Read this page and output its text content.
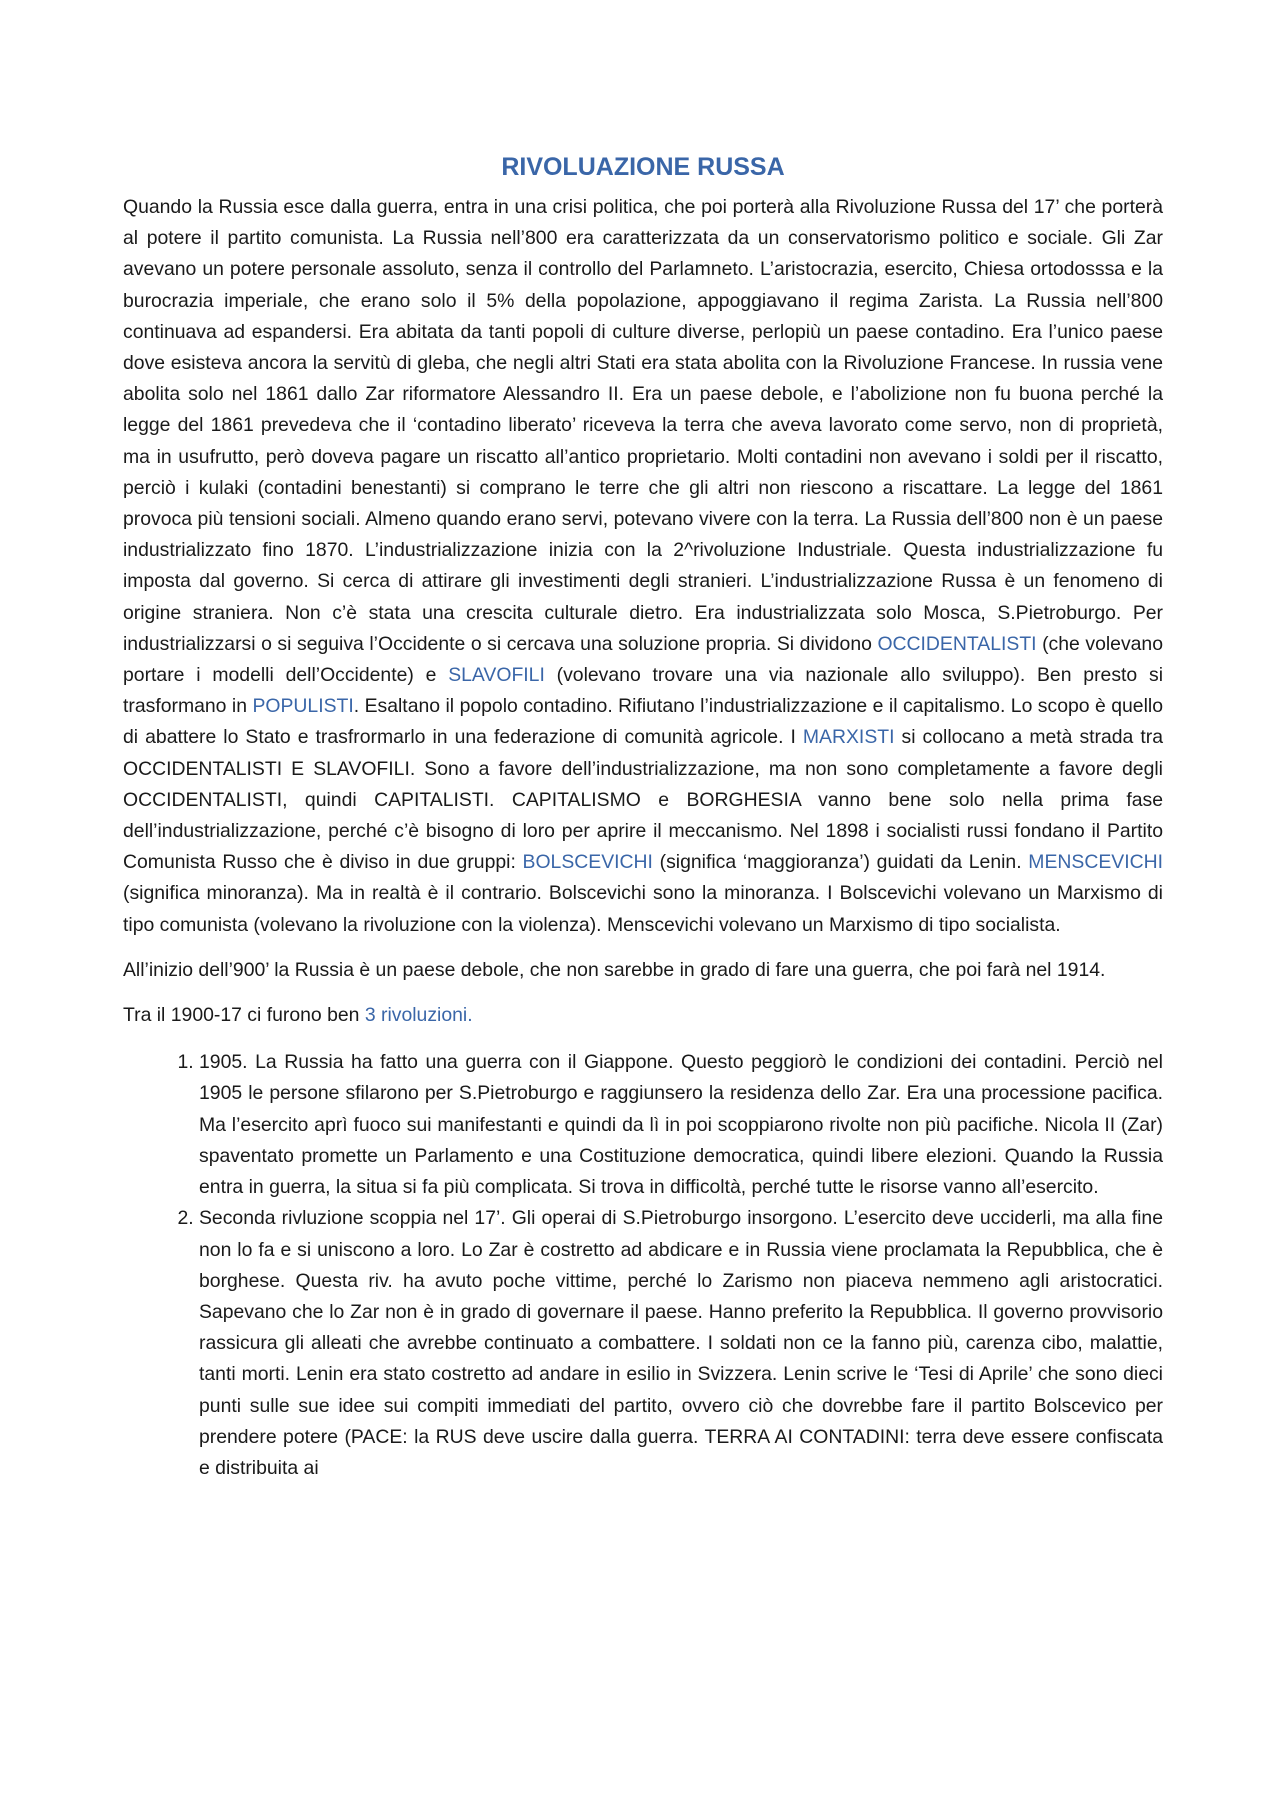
RIVOLUAZIONE RUSSA

Quando la Russia esce dalla guerra, entra in una crisi politica, che poi porterà alla Rivoluzione Russa del 17’ che porterà al potere il partito comunista. La Russia nell’800 era caratterizzata da un conservatorismo politico e sociale. Gli Zar avevano un potere personale assoluto, senza il controllo del Parlamneto. L’aristocrazia, esercito, Chiesa ortodosssa e la burocrazia imperiale, che erano solo il 5% della popolazione, appoggiavano il regima Zarista. La Russia nell’800 continuava ad espandersi. Era abitata da tanti popoli di culture diverse, perlopiù un paese contadino. Era l’unico paese dove esisteva ancora la servitù di gleba, che negli altri Stati era stata abolita con la Rivoluzione Francese. In russia vene abolita solo nel 1861 dallo Zar riformatore Alessandro II. Era un paese debole, e l’abolizione non fu buona perché la legge del 1861 prevedeva che il ‘contadino liberato’ riceveva la terra che aveva lavorato come servo, non di proprietà, ma in usufrutto, però doveva pagare un riscatto all’antico proprietario. Molti contadini non avevano i soldi per il riscatto, perciò i kulaki (contadini benestanti) si comprano le terre che gli altri non riescono a riscattare. La legge del 1861 provoca più tensioni sociali. Almeno quando erano servi, potevano vivere con la terra. La Russia dell’800 non è un paese industrializzato fino 1870. L’industrializzazione inizia con la 2^rivoluzione Industriale. Questa industrializzazione fu imposta dal governo. Si cerca di attirare gli investimenti degli stranieri. L’industrializzazione Russa è un fenomeno di origine straniera. Non c’è stata una crescita culturale dietro. Era industrializzata solo Mosca, S.Pietroburgo. Per industrializzarsi o si seguiva l’Occidente o si cercava una soluzione propria. Si dividono OCCIDENTALISTI (che volevano portare i modelli dell’Occidente) e SLAVOFILI (volevano trovare una via nazionale allo sviluppo). Ben presto si trasformano in POPULISTI. Esaltano il popolo contadino. Rifiutano l’industrializzazione e il capitalismo. Lo scopo è quello di abattere lo Stato e trasfrormarlo in una federazione di comunità agricole. I MARXISTI si collocano a metà strada tra OCCIDENTALISTI E SLAVOFILI. Sono a favore dell’industrializzazione, ma non sono completamente a favore degli OCCIDENTALISTI, quindi CAPITALISTI. CAPITALISMO e BORGHESIA vanno bene solo nella prima fase dell’industrializzazione, perché c’è bisogno di loro per aprire il meccanismo. Nel 1898 i socialisti russi fondano il Partito Comunista Russo che è diviso in due gruppi: BOLSCEVICHI (significa ‘maggioranza’) guidati da Lenin. MENSCEVICHI (significa minoranza). Ma in realtà è il contrario. Bolscevichi sono la minoranza. I Bolscevichi volevano un Marxismo di tipo comunista (volevano la rivoluzione con la violenza). Menscevichi volevano un Marxismo di tipo socialista.

All’inizio dell’900’ la Russia è un paese debole, che non sarebbe in grado di fare una guerra, che poi farà nel 1914.

Tra il 1900-17 ci furono ben 3 rivoluzioni.

1. 1905. La Russia ha fatto una guerra con il Giappone. Questo peggiorò le condizioni dei contadini. Perciò nel 1905 le persone sfilarono per S.Pietroburgo e raggiunsero la residenza dello Zar. Era una processione pacifica. Ma l’esercito aprì fuoco sui manifestanti e quindi da lì in poi scoppiarono rivolte non più pacifiche. Nicola II (Zar) spaventato promette un Parlamento e una Costituzione democratica, quindi libere elezioni. Quando la Russia entra in guerra, la situa si fa più complicata. Si trova in difficoltà, perché tutte le risorse vanno all’esercito.
2. Seconda rivluzione scoppia nel 17’. Gli operai di S.Pietroburgo insorgono. L’esercito deve ucciderli, ma alla fine non lo fa e si uniscono a loro. Lo Zar è costretto ad abdicare e in Russia viene proclamata la Repubblica, che è borghese. Questa riv. ha avuto poche vittime, perché lo Zarismo non piaceva nemmeno agli aristocratici. Sapevano che lo Zar non è in grado di governare il paese. Hanno preferito la Repubblica. Il governo provvisorio rassicura gli alleati che avrebbe continuato a combattere. I soldati non ce la fanno più, carenza cibo, malattie, tanti morti. Lenin era stato costretto ad andare in esilio in Svizzera. Lenin scrive le ‘Tesi di Aprile’ che sono dieci punti sulle sue idee sui compiti immediati del partito, ovvero ciò che dovrebbe fare il partito Bolscevico per prendere potere (PACE: la RUS deve uscire dalla guerra. TERRA AI CONTADINI: terra deve essere confiscata e distribuita ai
